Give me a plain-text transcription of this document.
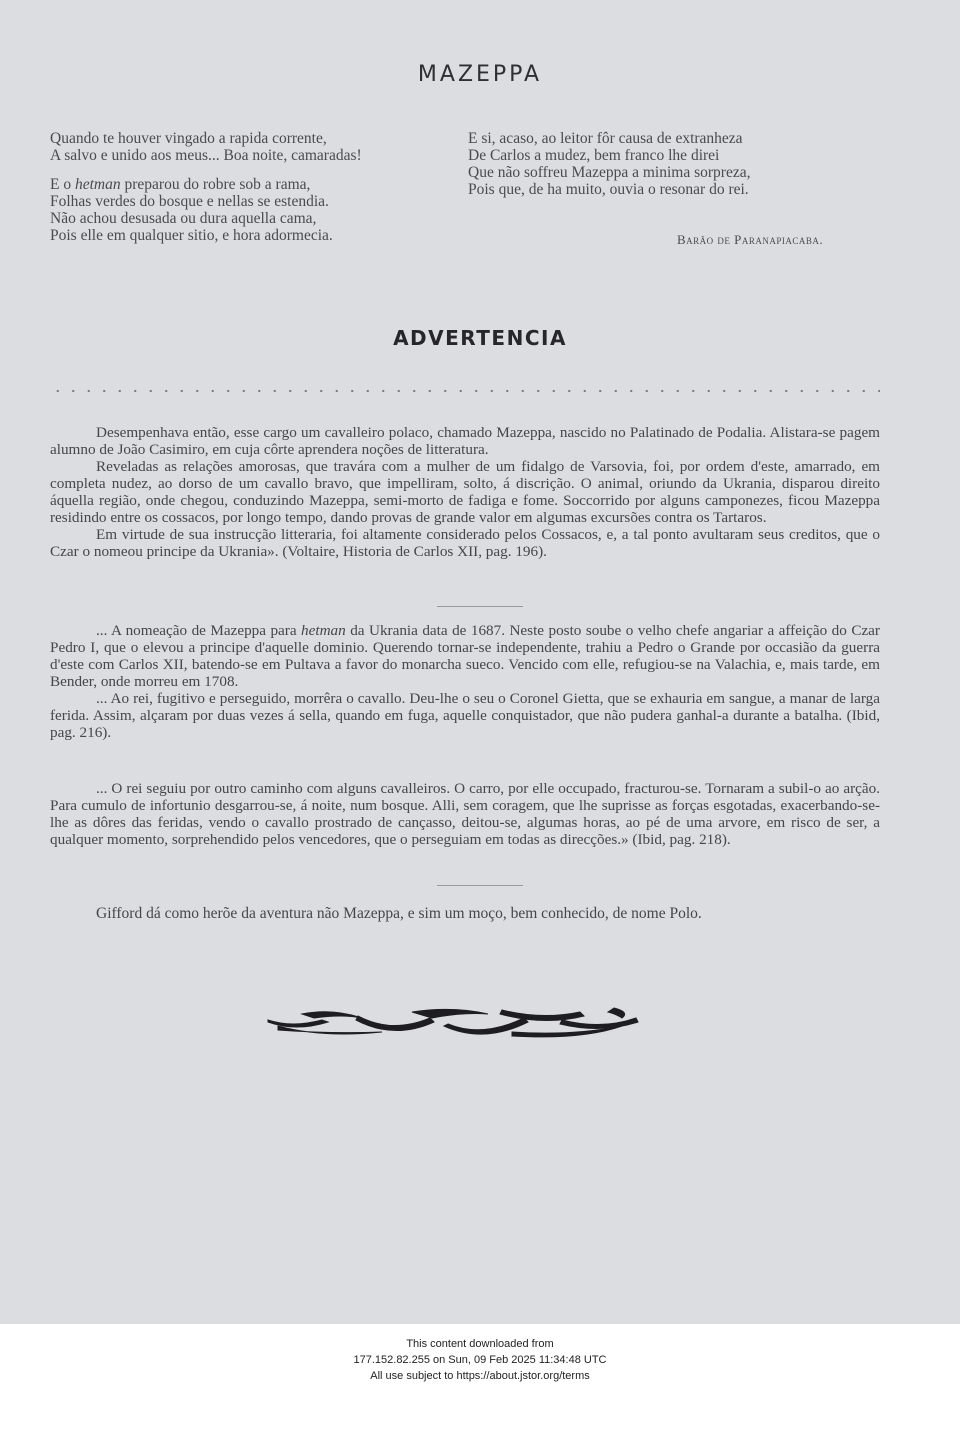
MAZEPPA
Quando te houver vingado a rapida corrente,
A salvo e unido aos meus... Boa noite, camaradas!
E o hetman preparou do robre sob a rama,
Folhas verdes do bosque e nellas se estendia.
Não achou desusada ou dura aquella cama,
Pois elle em qualquer sitio, e hora adormecia.
E si, acaso, ao leitor fôr causa de extranheza
De Carlos a mudez, bem franco lhe direi
Que não soffreu Mazeppa a minima sorpreza,
Pois que, de ha muito, ouvia o resonar do rei.
Barão de Paranapiacaba.
ADVERTENCIA

Desempenhava então, esse cargo um cavalleiro polaco, chamado Mazeppa, nascido no Palatinado de Podalia. Alistara-se pagem alumno de João Casimiro, em cuja côrte aprendera noções de litteratura.

Reveladas as relações amorosas, que travára com a mulher de um fidalgo de Varsovia, foi, por ordem d'este, amarrado, em completa nudez, ao dorso de um cavallo bravo, que impelliram, solto, á discrição. O animal, oriundo da Ukrania, disparou direito áquella região, onde chegou, conduzindo Mazeppa, semi-morto de fadiga e fome. Soccorrido por alguns camponezes, ficou Mazeppa residindo entre os cossacos, por longo tempo, dando provas de grande valor em algumas excursões contra os Tartaros.

Em virtude de sua instrucção litteraria, foi altamente considerado pelos Cossacos, e, a tal ponto avultaram seus creditos, que o Czar o nomeou principe da Ukrania». (Voltaire, Historia de Carlos XII, pag. 196).

... A nomeação de Mazeppa para hetman da Ukrania data de 1687. Neste posto soube o velho chefe angariar a affeição do Czar Pedro I, que o elevou a principe d'aquelle dominio. Querendo tornar-se independente, trahiu a Pedro o Grande por occasião da guerra d'este com Carlos XII, batendo-se em Pultava a favor do monarcha sueco. Vencido com elle, refugiou-se na Valachia, e, mais tarde, em Bender, onde morreu em 1708.

... Ao rei, fugitivo e perseguido, morrêra o cavallo. Deu-lhe o seu o Coronel Gietta, que se exhauria em sangue, a manar de larga ferida. Assim, alçaram por duas vezes á sella, quando em fuga, aquelle conquistador, que não pudera ganhal-a durante a batalha. (Ibid, pag. 216).

... O rei seguiu por outro caminho com alguns cavalleiros. O carro, por elle occupado, fracturou-se. Tornaram a subil-o ao arção. Para cumulo de infortunio desgarrou-se, á noite, num bosque. Alli, sem coragem, que lhe suprisse as forças esgotadas, exacerbando-se-lhe as dôres das feridas, vendo o cavallo prostrado de cançasso, deitou-se, algumas horas, ao pé de uma arvore, em risco de ser, a qualquer momento, sorprehendido pelos vencedores, que o perseguiam em todas as direcções.» (Ibid, pag. 218).

Gifford dá como herõe da aventura não Mazeppa, e sim um moço, bem conhecido, de nome Polo.
This content downloaded from
177.152.82.255 on Sun, 09 Feb 2025 11:34:48 UTC
All use subject to https://about.jstor.org/terms
